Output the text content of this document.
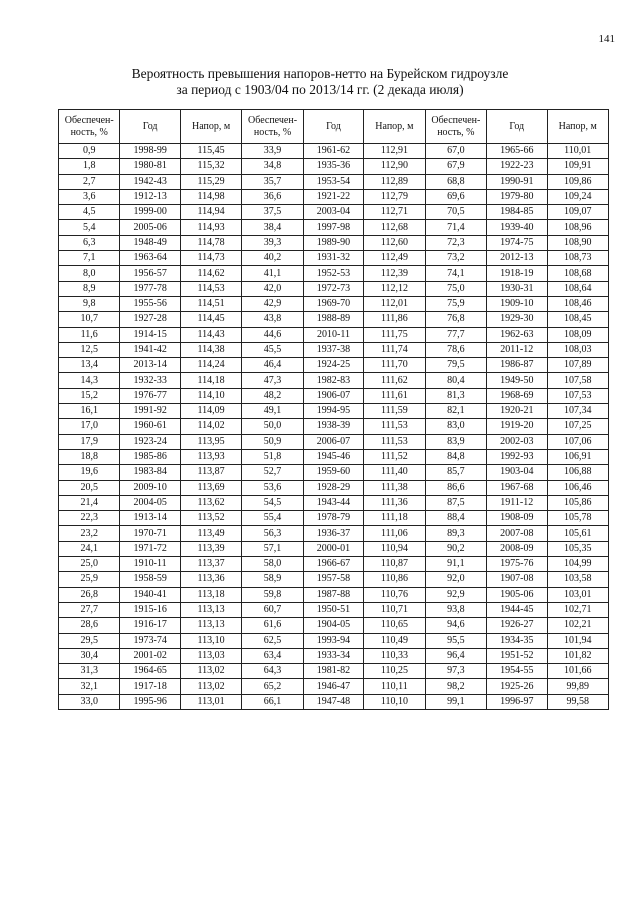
141
Вероятность превышения напоров-нетто на Бурейском гидроузле
за период с 1903/04 по 2013/14 гг. (2 декада июля)
Обеспечен-ность, %	Год	Напор, м	Обеспечен-ность, %	Год	Напор, м	Обеспечен-ность, %	Год	Напор, м
0,9	1998-99	115,45	33,9	1961-62	112,91	67,0	1965-66	110,01
1,8	1980-81	115,32	34,8	1935-36	112,90	67,9	1922-23	109,91
2,7	1942-43	115,29	35,7	1953-54	112,89	68,8	1990-91	109,86
3,6	1912-13	114,98	36,6	1921-22	112,79	69,6	1979-80	109,24
4,5	1999-00	114,94	37,5	2003-04	112,71	70,5	1984-85	109,07
5,4	2005-06	114,93	38,4	1997-98	112,68	71,4	1939-40	108,96
6,3	1948-49	114,78	39,3	1989-90	112,60	72,3	1974-75	108,90
7,1	1963-64	114,73	40,2	1931-32	112,49	73,2	2012-13	108,73
8,0	1956-57	114,62	41,1	1952-53	112,39	74,1	1918-19	108,68
8,9	1977-78	114,53	42,0	1972-73	112,12	75,0	1930-31	108,64
9,8	1955-56	114,51	42,9	1969-70	112,01	75,9	1909-10	108,46
10,7	1927-28	114,45	43,8	1988-89	111,86	76,8	1929-30	108,45
11,6	1914-15	114,43	44,6	2010-11	111,75	77,7	1962-63	108,09
12,5	1941-42	114,38	45,5	1937-38	111,74	78,6	2011-12	108,03
13,4	2013-14	114,24	46,4	1924-25	111,70	79,5	1986-87	107,89
14,3	1932-33	114,18	47,3	1982-83	111,62	80,4	1949-50	107,58
15,2	1976-77	114,10	48,2	1906-07	111,61	81,3	1968-69	107,53
16,1	1991-92	114,09	49,1	1994-95	111,59	82,1	1920-21	107,34
17,0	1960-61	114,02	50,0	1938-39	111,53	83,0	1919-20	107,25
17,9	1923-24	113,95	50,9	2006-07	111,53	83,9	2002-03	107,06
18,8	1985-86	113,93	51,8	1945-46	111,52	84,8	1992-93	106,91
19,6	1983-84	113,87	52,7	1959-60	111,40	85,7	1903-04	106,88
20,5	2009-10	113,69	53,6	1928-29	111,38	86,6	1967-68	106,46
21,4	2004-05	113,62	54,5	1943-44	111,36	87,5	1911-12	105,86
22,3	1913-14	113,52	55,4	1978-79	111,18	88,4	1908-09	105,78
23,2	1970-71	113,49	56,3	1936-37	111,06	89,3	2007-08	105,61
24,1	1971-72	113,39	57,1	2000-01	110,94	90,2	2008-09	105,35
25,0	1910-11	113,37	58,0	1966-67	110,87	91,1	1975-76	104,99
25,9	1958-59	113,36	58,9	1957-58	110,86	92,0	1907-08	103,58
26,8	1940-41	113,18	59,8	1987-88	110,76	92,9	1905-06	103,01
27,7	1915-16	113,13	60,7	1950-51	110,71	93,8	1944-45	102,71
28,6	1916-17	113,13	61,6	1904-05	110,65	94,6	1926-27	102,21
29,5	1973-74	113,10	62,5	1993-94	110,49	95,5	1934-35	101,94
30,4	2001-02	113,03	63,4	1933-34	110,33	96,4	1951-52	101,82
31,3	1964-65	113,02	64,3	1981-82	110,25	97,3	1954-55	101,66
32,1	1917-18	113,02	65,2	1946-47	110,11	98,2	1925-26	99,89
33,0	1995-96	113,01	66,1	1947-48	110,10	99,1	1996-97	99,58
